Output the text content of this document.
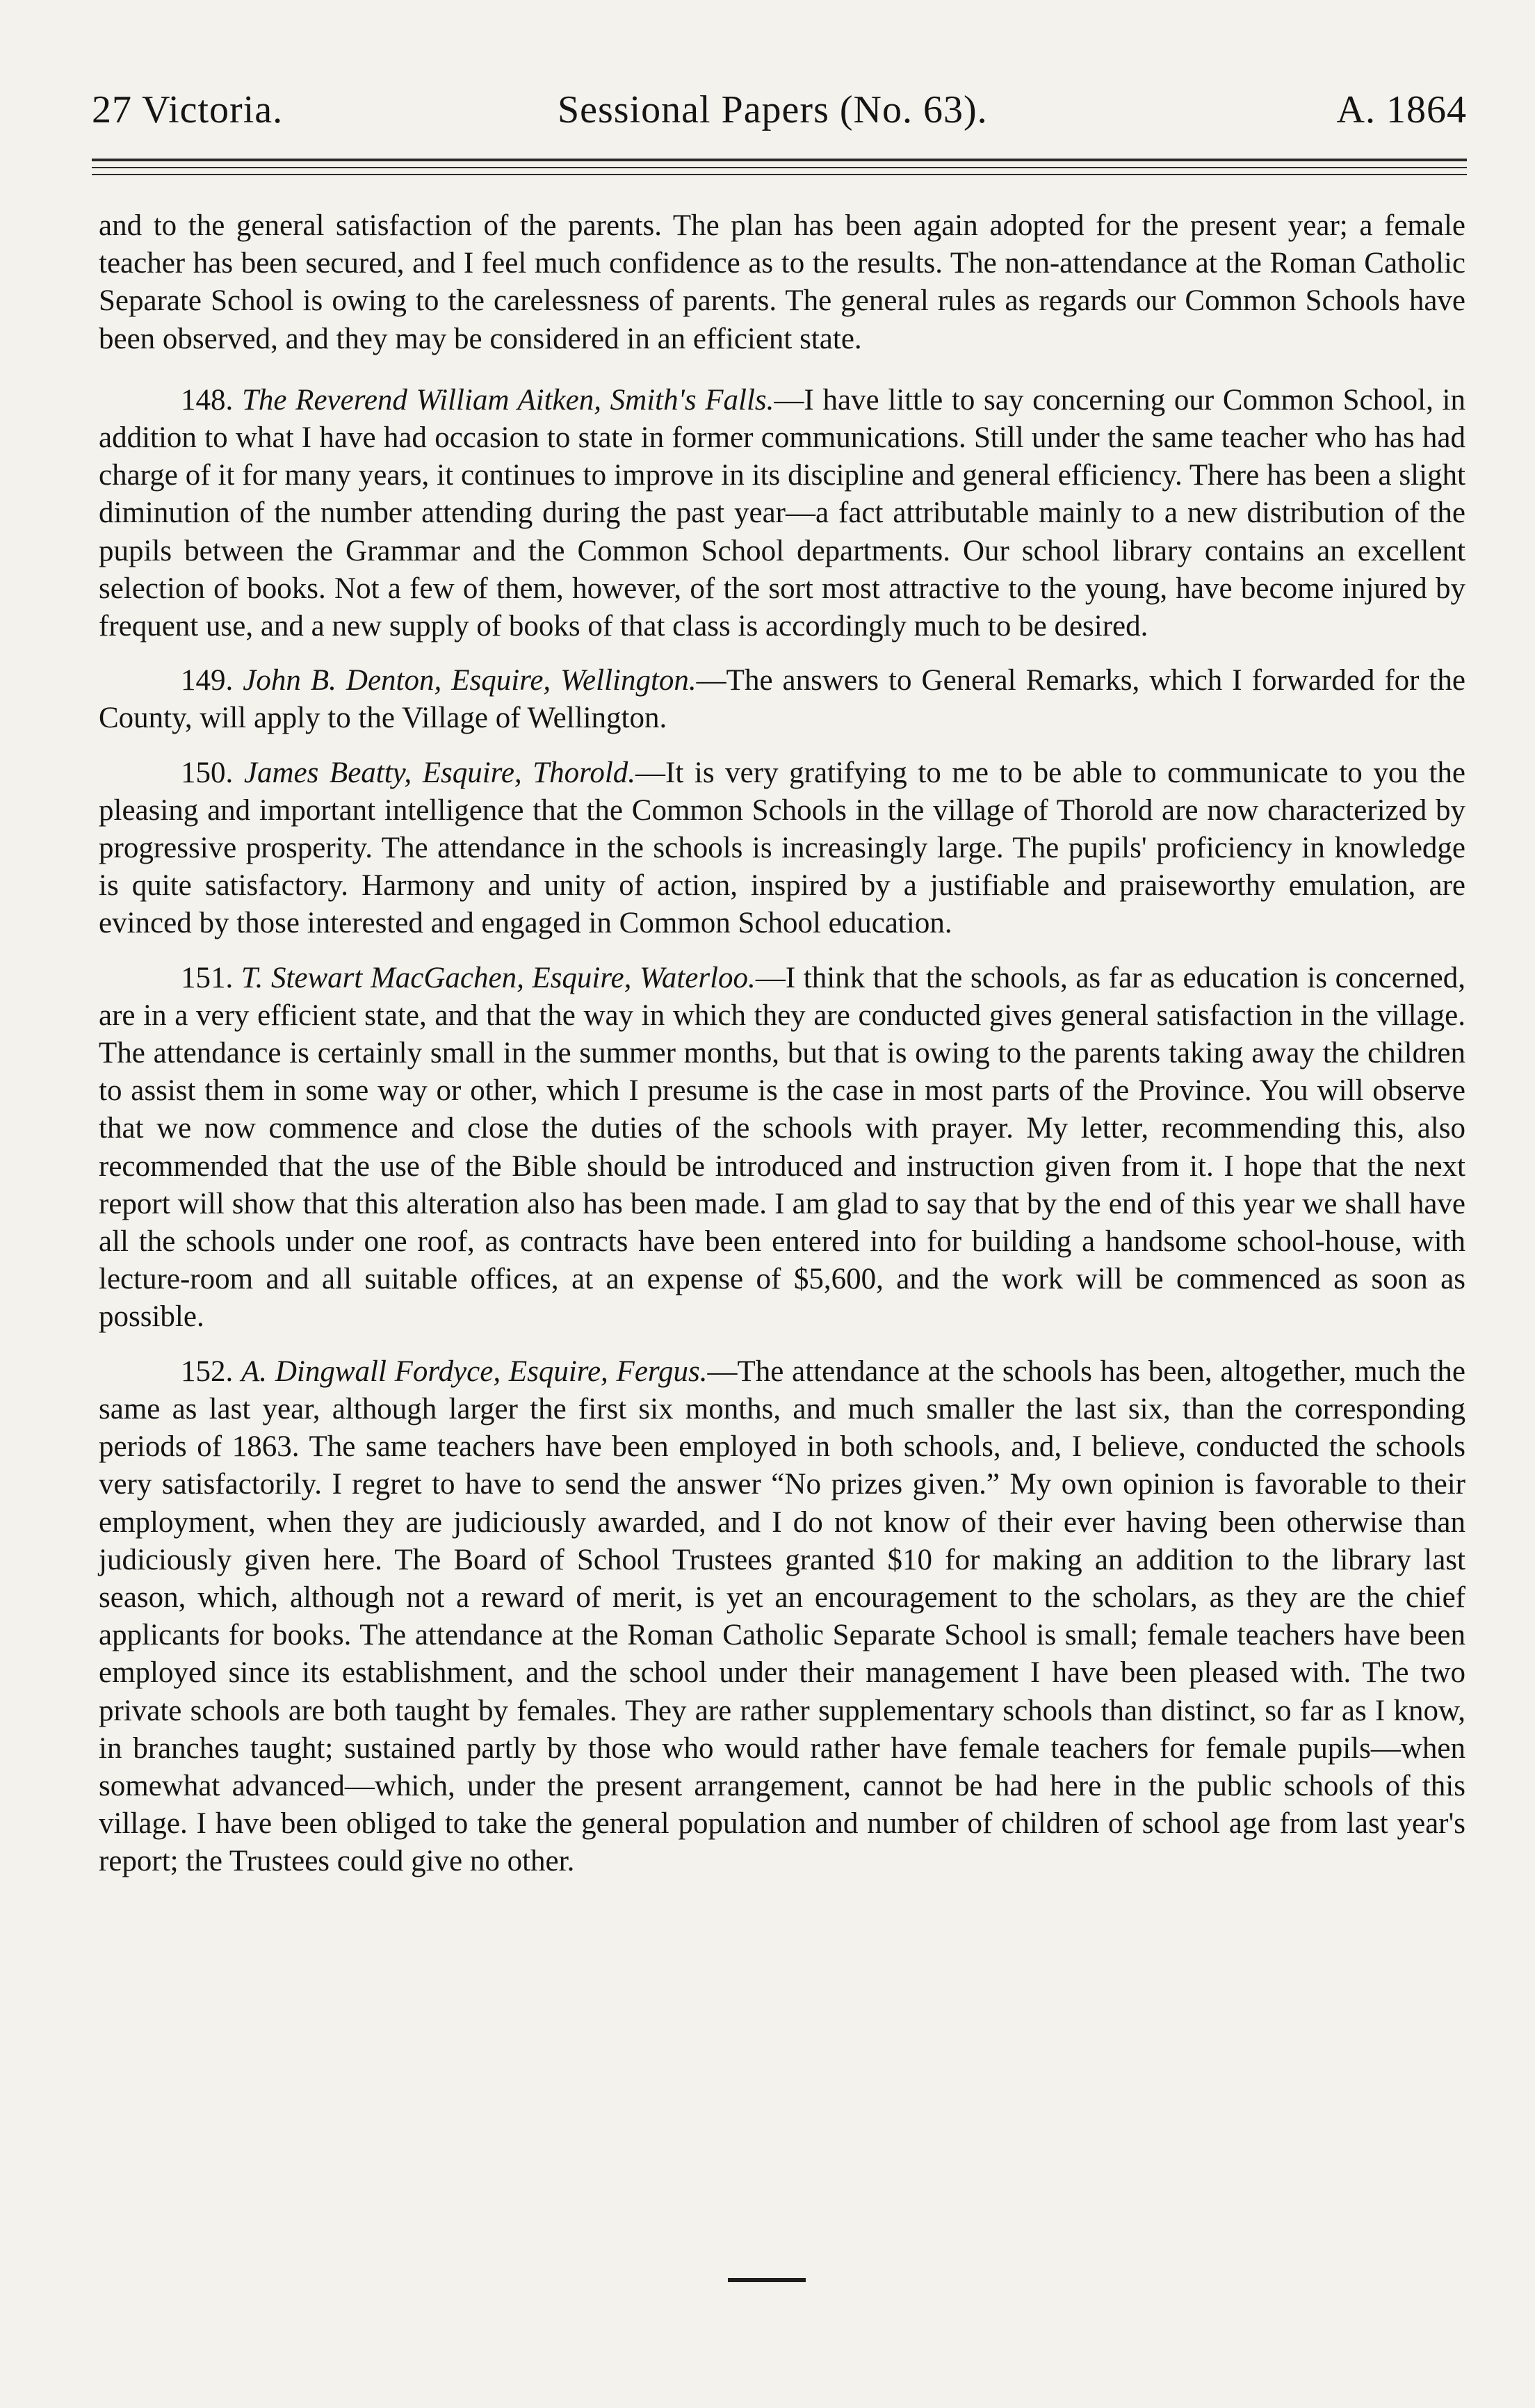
27 Victoria.	Sessional Papers (No. 63).	A. 1864

and to the general satisfaction of the parents. The plan has been again adopted for the present year; a female teacher has been secured, and I feel much confidence as to the results. The non-attendance at the Roman Catholic Separate School is owing to the carelessness of parents. The general rules as regards our Common Schools have been observed, and they may be considered in an efficient state.

148. The Reverend William Aitken, Smith's Falls.—I have little to say concerning our Common School, in addition to what I have had occasion to state in former communications. Still under the same teacher who has had charge of it for many years, it continues to improve in its discipline and general efficiency. There has been a slight diminution of the number attending during the past year—a fact attributable mainly to a new distribution of the pupils between the Grammar and the Common School departments. Our school library contains an excellent selection of books. Not a few of them, however, of the sort most attractive to the young, have become injured by frequent use, and a new supply of books of that class is accordingly much to be desired.

149. John B. Denton, Esquire, Wellington.—The answers to General Remarks, which I forwarded for the County, will apply to the Village of Wellington.

150. James Beatty, Esquire, Thorold.—It is very gratifying to me to be able to communicate to you the pleasing and important intelligence that the Common Schools in the village of Thorold are now characterized by progressive prosperity. The attendance in the schools is increasingly large. The pupils' proficiency in knowledge is quite satisfactory. Harmony and unity of action, inspired by a justifiable and praiseworthy emulation, are evinced by those interested and engaged in Common School education.

151. T. Stewart MacGachen, Esquire, Waterloo.—I think that the schools, as far as education is concerned, are in a very efficient state, and that the way in which they are conducted gives general satisfaction in the village. The attendance is certainly small in the summer months, but that is owing to the parents taking away the children to assist them in some way or other, which I presume is the case in most parts of the Province. You will observe that we now commence and close the duties of the schools with prayer. My letter, recommending this, also recommended that the use of the Bible should be introduced and instruction given from it. I hope that the next report will show that this alteration also has been made. I am glad to say that by the end of this year we shall have all the schools under one roof, as contracts have been entered into for building a handsome school-house, with lecture-room and all suitable offices, at an expense of $5,600, and the work will be commenced as soon as possible.

152. A. Dingwall Fordyce, Esquire, Fergus.—The attendance at the schools has been, altogether, much the same as last year, although larger the first six months, and much smaller the last six, than the corresponding periods of 1863. The same teachers have been employed in both schools, and, I believe, conducted the schools very satisfactorily. I regret to have to send the answer “No prizes given.” My own opinion is favorable to their employment, when they are judiciously awarded, and I do not know of their ever having been otherwise than judiciously given here. The Board of School Trustees granted $10 for making an addition to the library last season, which, although not a reward of merit, is yet an encouragement to the scholars, as they are the chief applicants for books. The attendance at the Roman Catholic Separate School is small; female teachers have been employed since its establishment, and the school under their management I have been pleased with. The two private schools are both taught by females. They are rather supplementary schools than distinct, so far as I know, in branches taught; sustained partly by those who would rather have female teachers for female pupils—when somewhat advanced—which, under the present arrangement, cannot be had here in the public schools of this village. I have been obliged to take the general population and number of children of school age from last year's report; the Trustees could give no other.
